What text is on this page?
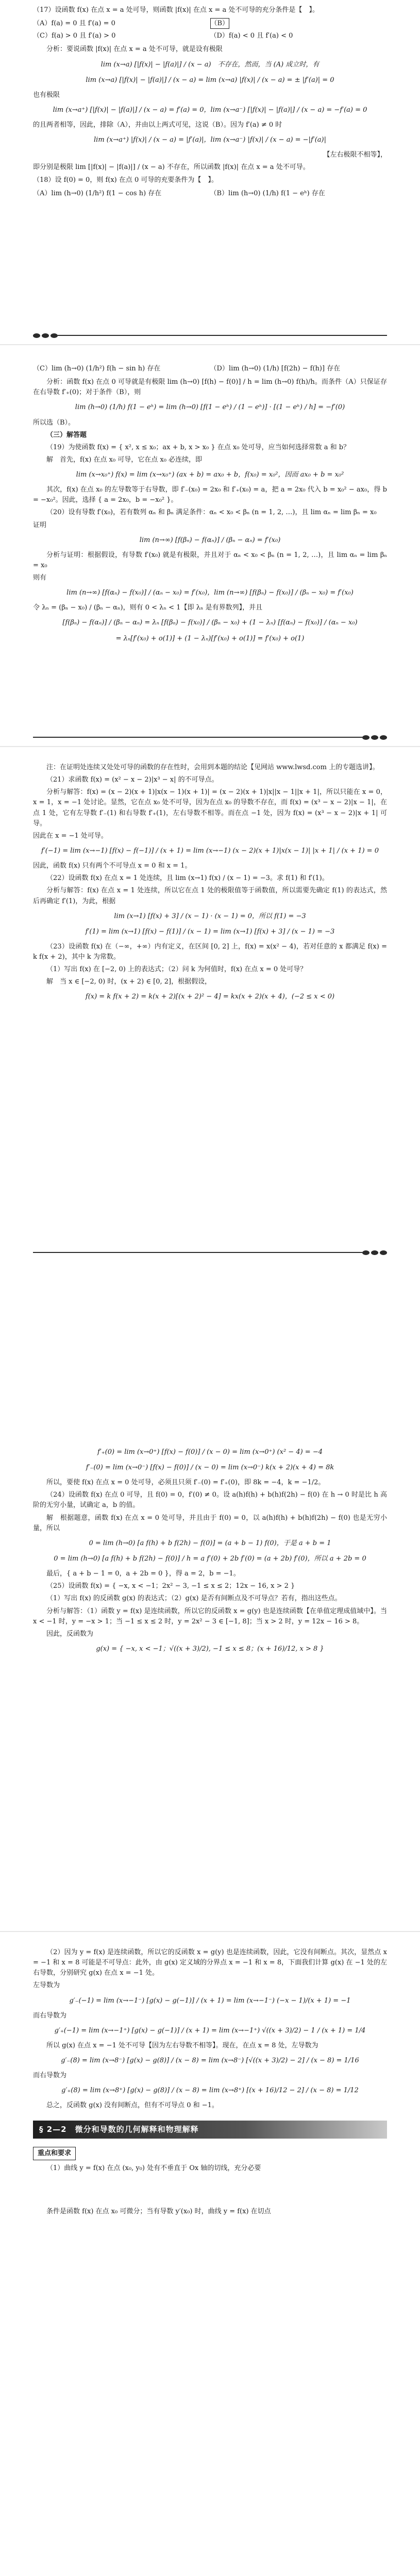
（17）设函数 f(x) 在点 x = a 处可导，则函数 |f(x)| 在点 x = a 处不可导的充分条件是【　】。

（A）f(a) = 0 且 f′(a) = 0	（B）
（C）f(a) > 0 且 f′(a) > 0	（D）f(a) < 0 且 f′(a) < 0

分析：要说函数 |f(x)| 在点 x = a 处不可导，就是设有极限

lim (x→a) [|f(x)| − |f(a)|] / (x − a)　不存在，然而，当 (A) 成立时，有
lim (x→a) [|f(x)| − |f(a)|] / (x − a) = lim (x→a) |f(x)| / (x − a) = ± |f′(a)| = 0

也有极限

lim (x→a⁺) [|f(x)| − |f(a)|] / (x − a) = f′(a) = 0，lim (x→a⁻) [|f(x)| − |f(a)|] / (x − a) = −f′(a) = 0

的且两者相等，因此，排除（A），并由以上两式可见，这说（B）。因为 f′(a) ≠ 0 时

lim (x→a⁺) |f(x)| / (x − a) = |f′(a)|，lim (x→a⁻) |f(x)| / (x − a) = −|f′(a)|

【左右极限不相等】，

即分别是极限 lim [|f(x)| − |f(a)|] / (x − a) 不存在，所以函数 |f(x)| 在点 x = a 处不可导。

（18）设 f(0) = 0，则 f(x) 在点 0 可导的充要条件为【　】。

（A）lim (h→0) (1/h²) f(1 − cos h) 存在	（B）lim (h→0) (1/h) f(1 − eʰ) 存在
（C）lim (h→0) (1/h²) f(h − sin h) 存在	（D）lim (h→0) (1/h) [f(2h) − f(h)] 存在

分析：函数 f(x) 在点 0 可导就是有极限 lim (h→0) [f(h) − f(0)] / h = lim (h→0) f(h)/h。而条件（A）只保证存在右导数 f′₊(0)；对于条件（B），则

lim (h→0) (1/h) f(1 − eʰ) = lim (h→0) [f(1 − eʰ) / (1 − eʰ)] · [(1 − eʰ) / h] = −f′(0)

所以选（B）。

（三）解答题

（19）为使函数 f(x) = { x², x ≤ x₀；ax + b, x > x₀ } 在点 x₀ 处可导，应当如何选择常数 a 和 b？

解　首先，f(x) 在点 x₀ 可导，它在点 x₀ 必连续，即

lim (x→x₀⁺) f(x) = lim (x→x₀⁺) (ax + b) = ax₀ + b，f(x₀) = x₀²，因而 ax₀ + b = x₀²

其次，f(x) 在点 x₀ 的左导数等于右导数，即 f′₋(x₀) = 2x₀ 和 f′₊(x₀) = a，把 a = 2x₀ 代入 b = x₀² − ax₀，得 b = −x₀²。因此，选择 { a = 2x₀，b = −x₀² }。

（20）设有导数 f′(x₀)，若有数列 αₙ 和 βₙ 满足条件：αₙ < x₀ < βₙ (n = 1, 2, …)，且 lim αₙ = lim βₙ = x₀

证明

lim (n→∞) [f(βₙ) − f(αₙ)] / (βₙ − αₙ) = f′(x₀)

分析与证明：根据假设，有导数 f′(x₀) 就是有极限，并且对于 αₙ < x₀ < βₙ (n = 1, 2, …)，且 lim αₙ = lim βₙ = x₀

则有

lim (n→∞) [f(αₙ) − f(x₀)] / (αₙ − x₀) = f′(x₀)，lim (n→∞) [f(βₙ) − f(x₀)] / (βₙ − x₀) = f′(x₀)

令 λₙ = (βₙ − x₀) / (βₙ − αₙ)，则有 0 < λₙ < 1【即 λₙ 是有界数列】，并且

[f(βₙ) − f(αₙ)] / (βₙ − αₙ) = λₙ [f(βₙ) − f(x₀)] / (βₙ − x₀) + (1 − λₙ) [f(αₙ) − f(x₀)] / (αₙ − x₀)
= λₙ[f′(x₀) + o(1)] + (1 − λₙ)[f′(x₀) + o(1)] = f′(x₀) + o(1)

注：在证明处连续又处处可导的函数的存在性时，会用到本题的结论【见网站 www.lwsd.com 上的专题选讲】。

（21）求函数 f(x) = (x² − x − 2)|x³ − x| 的不可导点。

分析与解答：f(x) = (x − 2)(x + 1)|x(x − 1)(x + 1)| = (x − 2)(x + 1)|x||x − 1||x + 1|，所以只能在 x = 0，x = 1，x = −1 处讨论。显然，它在点 x₀ 处不可导，因为在点 x₀ 的导数不存在，而 f(x) = (x³ − x − 2)|x − 1|，在点 1 处，它有左导数 f′₋(1) 和右导数 f′₊(1)，左右导数不相等。而在点 −1 处，因为 f(x) = (x³ − x − 2)|x + 1| 可导。

因此在 x = −1 处可导。

f′(−1) = lim (x→−1) [f(x) − f(−1)] / (x + 1) = lim (x→−1) (x − 2)(x + 1)|x(x − 1)| |x + 1| / (x + 1) = 0

因此，函数 f(x) 只有两个不可导点 x = 0 和 x = 1。

（22）设函数 f(x) 在点 x = 1 处连续，且 lim (x→1) f(x) / (x − 1) = −3。求 f(1) 和 f′(1)。

分析与解答：f(x) 在点 x = 1 处连续，所以它在点 1 处的极限值等于函数值，所以需要先确定 f(1) 的表达式，然后再确定 f′(1)，为此，根据

lim (x→1) [f(x) + 3] / (x − 1) · (x − 1) = 0，所以 f(1) = −3
f′(1) = lim (x→1) [f(x) − f(1)] / (x − 1) = lim (x→1) [f(x) + 3] / (x − 1) = −3

（23）设函数 f(x) 在（−∞，+∞）内有定义，在区间 [0, 2] 上，f(x) = x(x² − 4)，若对任意的 x 都满足 f(x) = k f(x + 2)，其中 k 为常数。

（1）写出 f(x) 在 [−2, 0) 上的表达式；（2）问 k 为何值时，f(x) 在点 x = 0 处可导？

解　当 x ∈ [−2, 0) 时，(x + 2) ∈ [0, 2]，根据假设，

f(x) = k f(x + 2) = k(x + 2)[(x + 2)² − 4] = kx(x + 2)(x + 4)，(−2 ≤ x < 0)
f′₊(0) = lim (x→0⁺) [f(x) − f(0)] / (x − 0) = lim (x→0⁺) (x² − 4) = −4
f′₋(0) = lim (x→0⁻) [f(x) − f(0)] / (x − 0) = lim (x→0⁻) k(x + 2)(x + 4) = 8k

所以，要使 f(x) 在点 x = 0 处可导，必须且只须 f′₋(0) = f′₊(0)，即 8k = −4，k = −1/2。

（24）设函数 f(x) 在点 0 可导，且 f(0) = 0，f′(0) ≠ 0。设 a(h)f(h) + b(h)f(2h) − f(0) 在 h → 0 时是比 h 高阶的无穷小量，试确定 a，b 的值。

解　根据题意，函数 f(x) 在点 x = 0 处可导，并且由于 f(0) = 0，以 a(h)f(h) + b(h)f(2h) − f(0) 也是无穷小量，所以

0 = lim (h→0) [a f(h) + b f(2h) − f(0)] = (a + b − 1) f(0)，于是 a + b = 1
0 = lim (h→0) [a f(h) + b f(2h) − f(0)] / h = a f′(0) + 2b f′(0) = (a + 2b) f′(0)，所以 a + 2b = 0

最后，{ a + b − 1 = 0，a + 2b = 0 }，得 a = 2，b = −1。

（25）设函数 f(x) = { −x, x < −1；2x² − 3, −1 ≤ x ≤ 2；12x − 16, x > 2 }

（1）写出 f(x) 的反函数 g(x) 的表达式；（2）g(x) 是否有间断点及不可导点？若有，指出这些点。

分析与解答：（1）函数 y = f(x) 是连续函数，所以它的反函数 x = g(y) 也是连续函数【在单值定理成值域中】。当 x < −1 时，y = −x > 1；当 −1 ≤ x ≤ 2 时，y = 2x² − 3 ∈ [−1, 8]；当 x > 2 时，y = 12x − 16 > 8。

因此，反函数为

g(x) = { −x, x < −1；√((x + 3)/2), −1 ≤ x ≤ 8；(x + 16)/12, x > 8 }

（2）因为 y = f(x) 是连续函数，所以它的反函数 x = g(y) 也是连续函数，因此，它没有间断点。其次，显然点 x = −1 和 x = 8 可能是不可导点：此外，由 g(x) 定义域的分界点 x = −1 和 x = 8，下面我们计算 g(x) 在 −1 处的左右导数，分别研究 g(x) 在点 x = −1 处。

左导数为

g′₋(−1) = lim (x→−1⁻) [g(x) − g(−1)] / (x + 1) = lim (x→−1⁻) (−x − 1)/(x + 1) = −1

而右导数为

g′₊(−1) = lim (x→−1⁺) [g(x) − g(−1)] / (x + 1) = lim (x→−1⁺) √((x + 3)/2) − 1 / (x + 1) = 1/4

所以 g(x) 在点 x = −1 处不可导【因为左右导数不相等】。现在，在点 x = 8 处，左导数为

g′₋(8) = lim (x→8⁻) [g(x) − g(8)] / (x − 8) = lim (x→8⁻) [√((x + 3)/2) − 2] / (x − 8) = 1/16

而右导数为

g′₊(8) = lim (x→8⁺) [g(x) − g(8)] / (x − 8) = lim (x→8⁺) [(x + 16)/12 − 2] / (x − 8) = 1/12

总之，反函数 g(x) 没有间断点，但有不可导点 0 和 −1。

§ 2—2　微分和导数的几何解释和物理解释
重点和要求

（1）曲线 y = f(x) 在点 (x₀, y₀) 处有不垂直于 Ox 轴的切线，充分必要

条件是函数 f(x) 在点 x₀ 可微分；当有导数 y′(x₀) 时，曲线 y = f(x) 在切点
